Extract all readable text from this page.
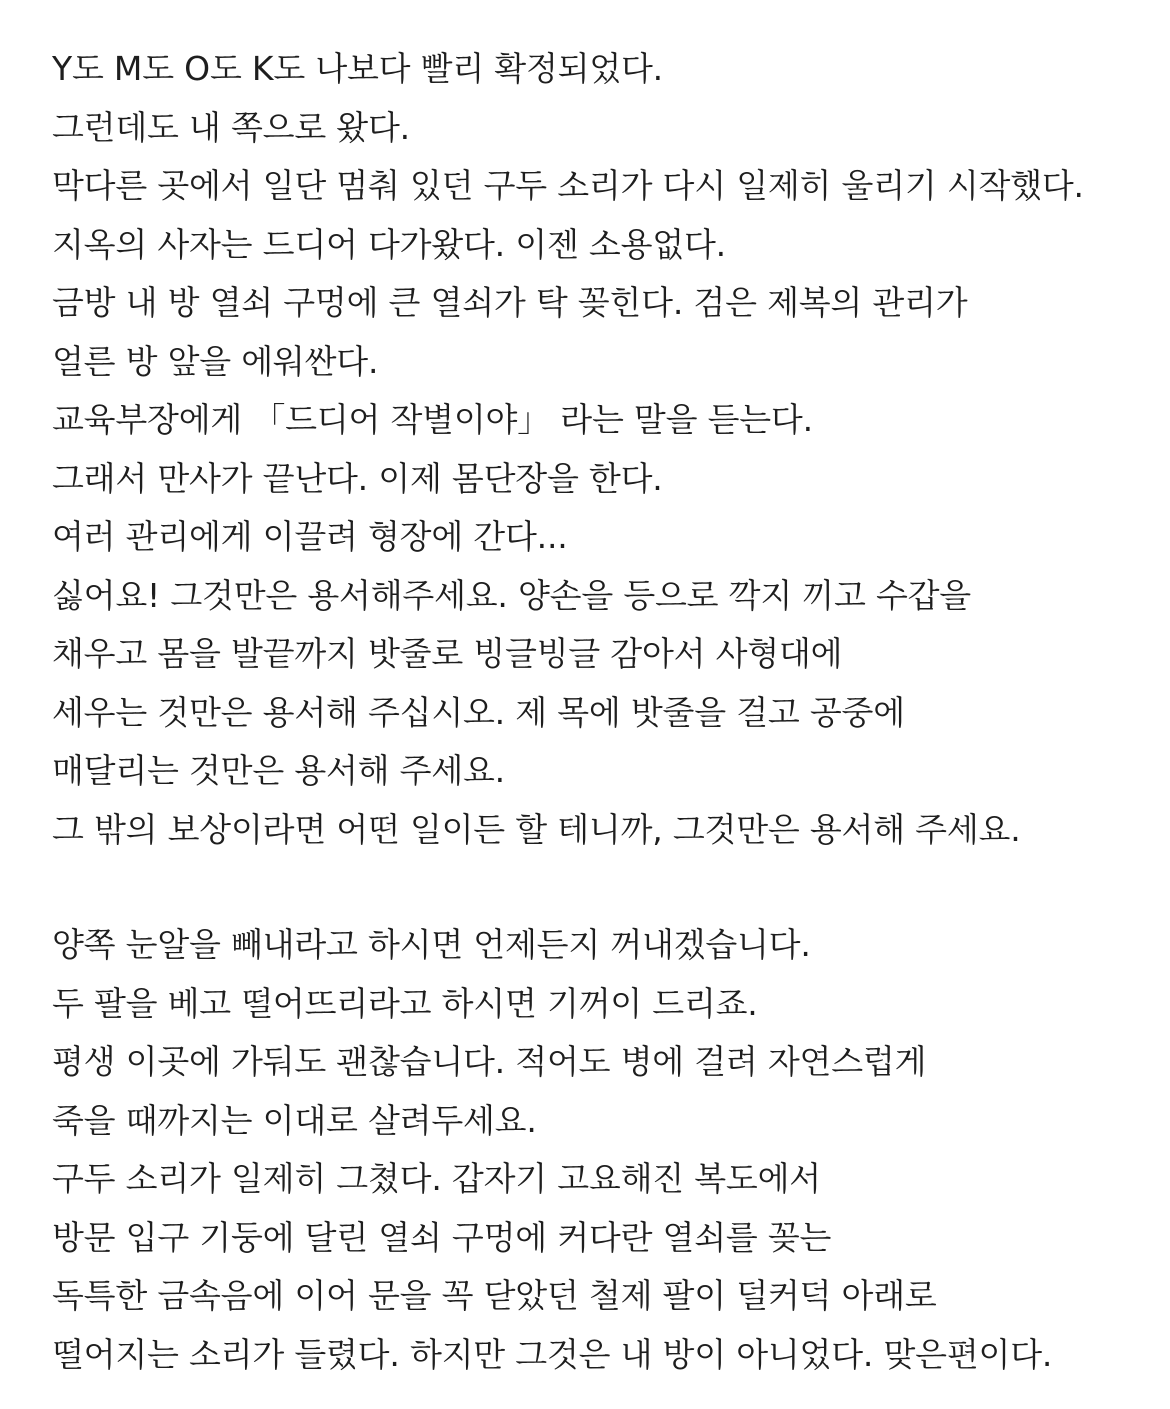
Y도 M도 O도 K도 나보다 빨리 확정되었다.
그런데도 내 쪽으로 왔다.
막다른 곳에서 일단 멈춰 있던 구두 소리가 다시 일제히 울리기 시작했다.
지옥의 사자는 드디어 다가왔다. 이젠 소용없다.
금방 내 방 열쇠 구멍에 큰 열쇠가 탁 꽂힌다. 검은 제복의 관리가
얼른 방 앞을 에워싼다.
교육부장에게 「드디어 작별이야」 라는 말을 듣는다.
그래서 만사가 끝난다. 이제 몸단장을 한다.
여러 관리에게 이끌려 형장에 간다...
싫어요! 그것만은 용서해주세요. 양손을 등으로 깍지 끼고 수갑을
채우고 몸을 발끝까지 밧줄로 빙글빙글 감아서 사형대에
세우는 것만은 용서해 주십시오. 제 목에 밧줄을 걸고 공중에
매달리는 것만은 용서해 주세요.
그 밖의 보상이라면 어떤 일이든 할 테니까, 그것만은 용서해 주세요.
양쪽 눈알을 빼내라고 하시면 언제든지 꺼내겠습니다.
두 팔을 베고 떨어뜨리라고 하시면 기꺼이 드리죠.
평생 이곳에 가둬도 괜찮습니다. 적어도 병에 걸려 자연스럽게
죽을 때까지는 이대로 살려두세요.
구두 소리가 일제히 그쳤다. 갑자기 고요해진 복도에서
방문 입구 기둥에 달린 열쇠 구멍에 커다란 열쇠를 꽂는
독특한 금속음에 이어 문을 꼭 닫았던 철제 팔이 덜커덕 아래로
떨어지는 소리가 들렸다. 하지만 그것은 내 방이 아니었다. 맞은편이다.
